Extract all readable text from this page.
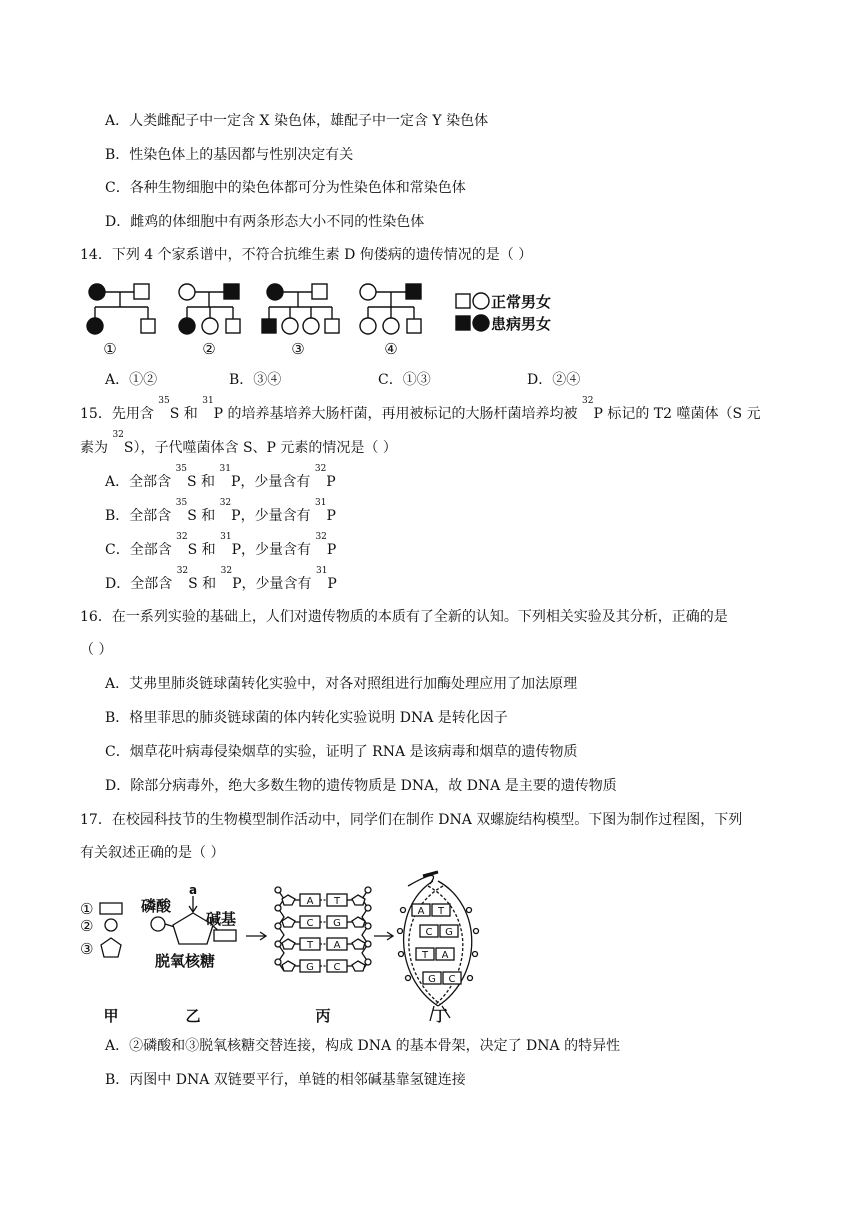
A．人类雌配子中一定含 X 染色体，雄配子中一定含 Y 染色体
B．性染色体上的基因都与性别决定有关
C．各种生物细胞中的染色体都可分为性染色体和常染色体
D．雌鸡的体细胞中有两条形态大小不同的性染色体
14．下列 4 个家系谱中，不符合抗维生素 D 佝偻病的遗传情况的是（ ）
①	②	③	④
正常男女
患病男女
A．①②	B．③④	C．①③	D．②④
15．先用含 $^{35}$S 和 $^{31}$P 的培养基培养大肠杆菌，再用被标记的大肠杆菌培养均被 $^{32}$P 标记的 T2 噬菌体（S 元
素为 $^{32}$S），子代噬菌体含 S、P 元素的情况是（ ）
A．全部含 $^{35}$S 和 $^{31}$P，少量含有 $^{32}$P
B．全部含 $^{35}$S 和 $^{32}$P，少量含有 $^{31}$P
C．全部含 $^{32}$S 和 $^{31}$P，少量含有 $^{32}$P
D．全部含 $^{32}$S 和 $^{32}$P，少量含有 $^{31}$P
16．在一系列实验的基础上，人们对遗传物质的本质有了全新的认知。下列相关实验及其分析，正确的是
（ ）
A．艾弗里肺炎链球菌转化实验中，对各对照组进行加酶处理应用了加法原理
B．格里菲思的肺炎链球菌的体内转化实验说明 DNA 是转化因子
C．烟草花叶病毒侵染烟草的实验，证明了 RNA 是该病毒和烟草的遗传物质
D．除部分病毒外，绝大多数生物的遗传物质是 DNA，故 DNA 是主要的遗传物质
17．在校园科技节的生物模型制作活动中，同学们在制作 DNA 双螺旋结构模型。下图为制作过程图，下列
有关叙述正确的是（ ）
①
②
③
磷酸
a
碱基
脱氧核糖
A T
C G
T A
G C
A T
C G
T A
G C
甲	乙	丙	丁
A．②磷酸和③脱氧核糖交替连接，构成 DNA 的基本骨架，决定了 DNA 的特异性
B．丙图中 DNA 双链要平行，单链的相邻碱基靠氢键连接
